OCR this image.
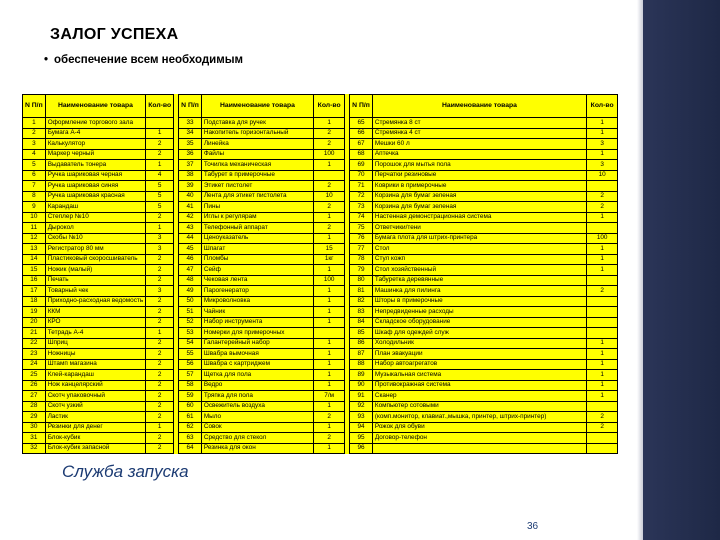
ЗАЛОГ УСПЕХА
• обеспечение всем необходимым
N П/п	Наименование товара	Кол-во
1	Оформление торгового зала	
2	Бумага А-4	1
3	Калькулятор	2
4	Маркер черный	2
5	Выдаватель тонера	1
6	Ручка шариковая черная	4
7	Ручка шариковая синяя	5
8	Ручка шариковая красная	5
9	Карандаш	5
10	Степлер №10	2
11	Дырокол	1
12	Скобы №10	3
13	Регистратор 80 мм	3
14	Пластиковый скоросшиватель	2
15	Ножик (малый)	2
16	Печать	2
17	Товарный чек	3
18	Приходно-расходная ведомость	2
19	ККМ	2
20	КРО	2
21	Тетрадь А-4	1
22	Шприц	2
23	Ножницы	2
24	Штамп магазина	2
25	Клей-карандаш	2
26	Нож канцелярский	2
27	Скотч упаковочный	2
28	Скотч узкий	2
29	Ластик	2
30	Резинки для денег	1
31	Блок-кубик	2
32	Блок-кубик запасной	2
N П/п	Наименование товара	Кол-во
33	Подставка для ручек	1
34	Накопитель горизонтальный	2
35	Линейка	2
36	Файлы	100
37	Точилка механическая	1
38	Табурет в примерочные	
39	Этикет пистолет	2
40	Лента для этикет пистолета	10
41	Пины	2
42	Иглы к регулярам	1
43	Телефонный аппарат	2
44	Ценоуказатель	1
45	Шпагат	15
46	Пломбы	1кг
47	Сейф	1
48	Чековая лента	100
49	Парогенератор	1
50	Микроволновка	1
51	Чайник	1
52	Набор инструмента	1
53	Номерки для примерочных	
54	Галантерейный набор	1
55	Швабра вымочная	1
56	Швабра с картриджем	1
57	Щетка для пола	1
58	Ведро	1
59	Тряпка для пола	7/м
60	Освежитель воздуха	1
61	Мыло	2
62	Совок	1
63	Средство для стекол	2
64	Резинка для окон	1
N П/п	Наименование товара	Кол-во
65	Стремянка 8 ст	1
66	Стремянка 4 ст	1
67	Мешки 60 л	3
68	Аптечка	1
69	Порошок для мытья пола	3
70	Перчатки резиновые	10
71	Коврики в примерочные	
72	Корзина для бумаг зеленая	2
73	Корзина для бумаг зеленая	2
74	Настенная демонстрационная система	1
75	Ответчики/тени	
76	Бумага плота для штрих-принтера	100
77	Стол	1
78	Стул кожп	1
79	Стол хозяйственный	1
80	Табуретка деревянные	
81	Машинка для пилинга	2
82	Шторы в примерочные	
83	Непредвиденные расходы	
84	Складское оборудование	
85	Шкаф для одеждей служ	
86	Холодильник	1
87	План эвакуации	1
88	Набор автоагрегатов	1
89	Музыкальная система	1
90	Противокражная система	1
91	Сканер	1
92	Компьютер сотовыми	
93	(комп.монитор, клавиат.,мышка, принтер, штрих-принтер)	2
94	Рожок для обуви	2
95	Договор-телефон	
96		
Служба запуска
36
